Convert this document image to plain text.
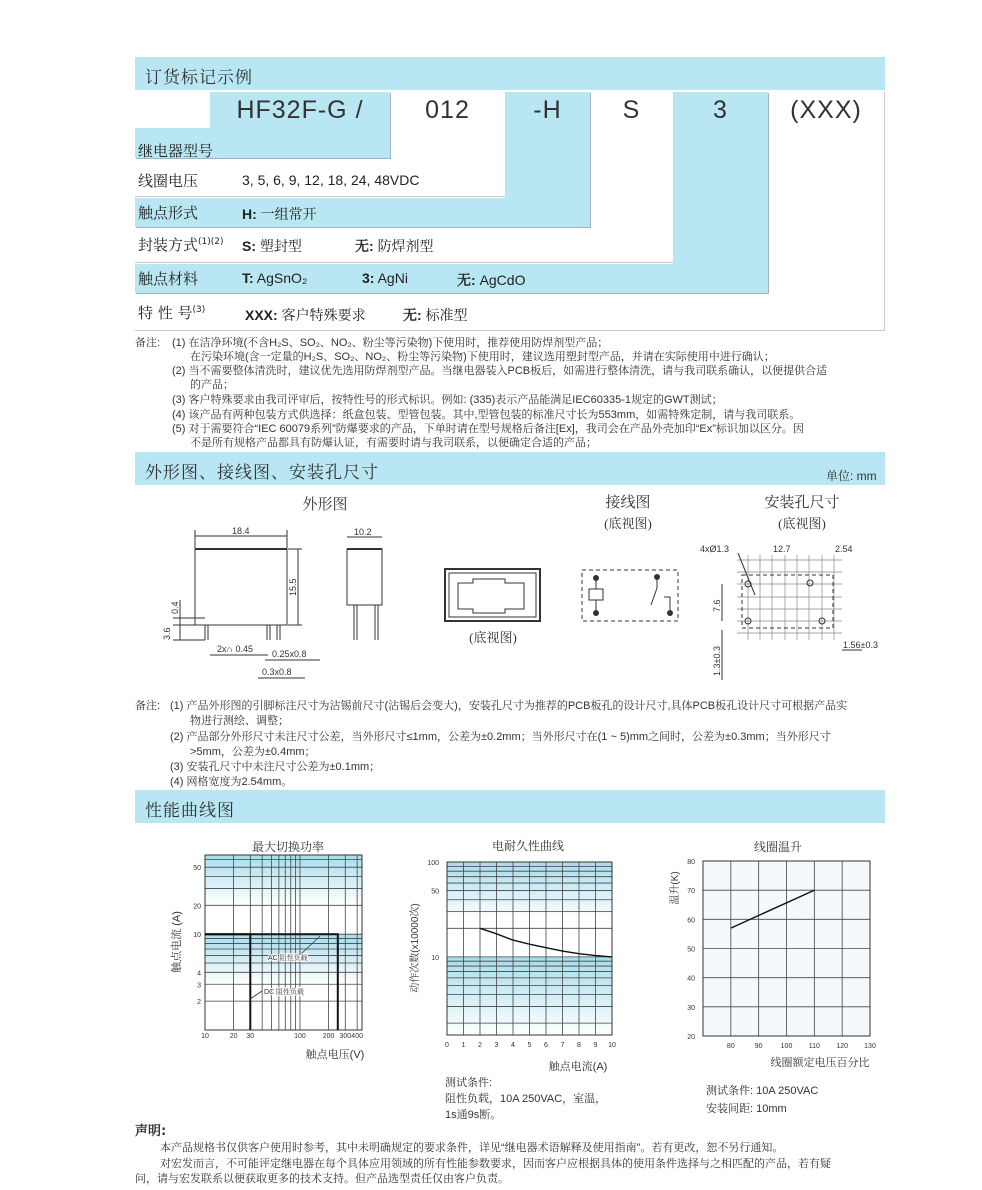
订货标记示例
HF32F-G /	012	-H	S	3	(XXX)
继电器型号
线圈电压	3, 5, 6, 9, 12, 18, 24, 48VDC
触点形式	H: 一组常开
封装方式$^{(1)(2)}$ S: 塑封型	无: 防焊剂型
触点材料	T: AgSnO₂	3: AgNi	无: AgCdO
特 性 号$^{(3)}$	XXX: 客户特殊要求	无: 标准型
备注: (1) 在洁净环境(不含H₂S、SO₂、NO₂、粉尘等污染物)下使用时，推荐使用防焊剂型产品；
在污染环境(含一定量的H₂S、SO₂、NO₂、粉尘等污染物)下使用时，建议选用塑封型产品，并请在实际使用中进行确认；
(2) 当不需要整体清洗时，建议优先选用防焊剂型产品。当继电器装入PCB板后，如需进行整体清洗，请与我司联系确认，以便提供合适
的产品；
(3) 客户特殊要求由我司评审后，按特性号的形式标识。例如: (335)表示产品能满足IEC60335-1规定的GWT测试；
(4) 该产品有两种包装方式供选择：纸盒包装、型管包装。其中,型管包装的标准尺寸长为553mm，如需特殊定制，请与我司联系。
(5) 对于需要符合“IEC 60079系列”防爆要求的产品，下单时请在型号规格后备注[Ex]，我司会在产品外壳加印“Ex”标识加以区分。因
不是所有规格产品都具有防爆认证，有需要时请与我司联系，以便确定合适的产品；
外形图、接线图、安装孔尺寸	单位: mm
外形图	接线图
(底视图)
安装孔尺寸
(底视图)
(底视图)
18.4	10.2
15.5
0.4
3.6
2x∩ 0.45 0.25x0.8
0.3x0.8
4xØ1.3	12.7	2.54
7.6
1.3±0.3
1.56±0.3
备注: (1) 产品外形图的引脚标注尺寸为沾锡前尺寸(沾锡后会变大)，安装孔尺寸为推荐的PCB板孔的设计尺寸,具体PCB板孔设计尺寸可根据产品实
物进行测绘、调整；
(2) 产品部分外形尺寸未注尺寸公差，当外形尺寸≤1mm，公差为±0.2mm；当外形尺寸在(1 ~ 5)mm之间时，公差为±0.3mm；当外形尺寸
>5mm，公差为±0.4mm；
(3) 安装孔尺寸中未注尺寸公差为±0.1mm；
(4) 网格宽度为2.54mm。
性能曲线图
最大切换功率
触点电流 (A)
触点电压(V)
电耐久性曲线
动作次数(x10000次)
触点电流(A)
测试条件:
阻性负载，10A 250VAC，室温，
1s通9s断。
线圈温升
温升(K)
线圈额定电压百分比
测试条件: 10A 250VAC
安装间距: 10mm
10	20 30	100 200 300 400
2
3
4
10
20
50
0 1 2 3 4 5 6 7 8 9 10
10
50
100
80	90	100 110 120 130
20
30
40
50
60
70
80
AC 阻性负载
DC 阻性负载
声明:
本产品规格书仅供客户使用时参考，其中未明确规定的要求条件，详见“继电器术语解释及使用指南”。若有更改，恕不另行通知。
对宏发而言，不可能评定继电器在每个具体应用领域的所有性能参数要求，因而客户应根据具体的使用条件选择与之相匹配的产品，若有疑
问，请与宏发联系以便获取更多的技术支持。但产品选型责任仅由客户负责。
